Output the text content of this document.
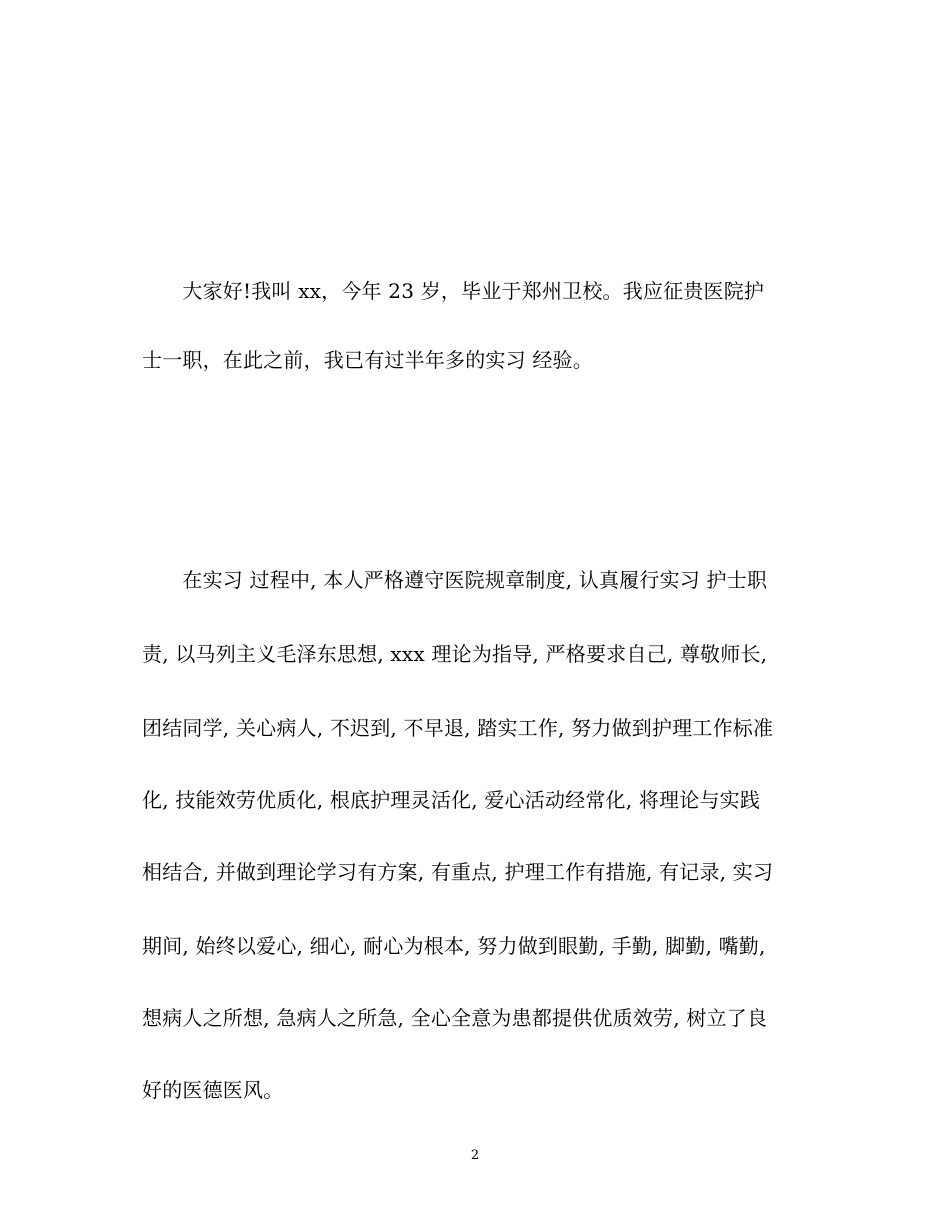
　　大家好!我叫 xx，今年 23 岁，毕业于郑州卫校。我应征贵医院护
士一职，在此之前，我已有过半年多的实习 经验。
　　在实习 过程中, 本人严格遵守医院规章制度, 认真履行实习 护士职
责, 以马列主义毛泽东思想, xxx 理论为指导, 严格要求自己, 尊敬师长,
团结同学, 关心病人, 不迟到, 不早退, 踏实工作, 努力做到护理工作标准
化, 技能效劳优质化, 根底护理灵活化, 爱心活动经常化, 将理论与实践
相结合, 并做到理论学习有方案, 有重点, 护理工作有措施, 有记录, 实习
期间, 始终以爱心, 细心, 耐心为根本, 努力做到眼勤, 手勤, 脚勤, 嘴勤,
想病人之所想, 急病人之所急, 全心全意为患都提供优质效劳, 树立了良
好的医德医风。
2
